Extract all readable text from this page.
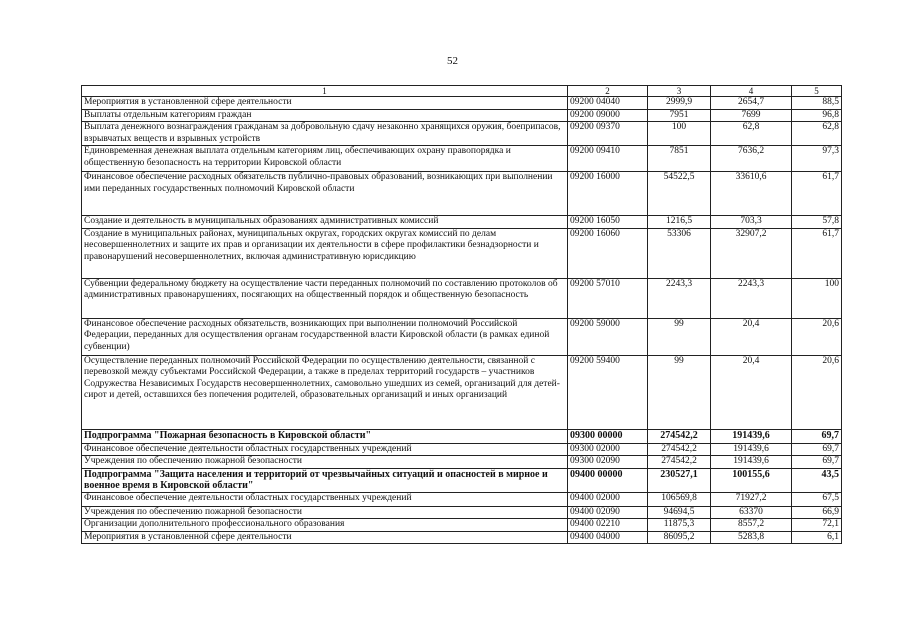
52
1	2	3	4	5
Мероприятия в установленной сфере деятельности	09200 04040	2999,9	2654,7	88,5
Выплаты отдельным категориям граждан	09200 09000	7951	7699	96,8
Выплата денежного вознаграждения гражданам за добровольную сдачу незаконно хранящихся оружия, боеприпасов, взрывчатых веществ и взрывных устройств	09200 09370	100	62,8	62,8
Единовременная денежная выплата отдельным категориям лиц, обеспечивающих охрану правопорядка и общественную безопасность на территории Кировской области	09200 09410	7851	7636,2	97,3
Финансовое обеспечение расходных обязательств публично-правовых образований, возникающих при выполнении ими переданных государственных полномочий Кировской области	09200 16000	54522,5	33610,6	61,7
Создание и деятельность в муниципальных образованиях административных комиссий	09200 16050	1216,5	703,3	57,8
Создание в муниципальных районах, муниципальных округах, городских округах комиссий по делам несовершеннолетних и защите их прав и организации их деятельности в сфере профилактики безнадзорности и правонарушений несовершеннолетних, включая административную юрисдикцию	09200 16060	53306	32907,2	61,7
Субвенции федеральному бюджету на осуществление части переданных полномочий по составлению протоколов об административных правонарушениях, посягающих на общественный порядок и общественную безопасность	09200 57010	2243,3	2243,3	100
Финансовое обеспечение расходных обязательств, возникающих при выполнении полномочий Российской Федерации, переданных для осуществления органам государственной власти Кировской области (в рамках единой субвенции)	09200 59000	99	20,4	20,6
Осуществление переданных полномочий Российской Федерации по осуществлению деятельности, связанной с перевозкой между субъектами Российской Федерации, а также в пределах территорий государств – участников Содружества Независимых Государств несовершеннолетних, самовольно ушедших из семей, организаций для детей-сирот и детей, оставшихся без попечения родителей, образовательных организаций и иных организаций	09200 59400	99	20,4	20,6
Подпрограмма "Пожарная безопасность в Кировской области"	09300 00000	274542,2	191439,6	69,7
Финансовое обеспечение деятельности областных государственных учреждений	09300 02000	274542,2	191439,6	69,7
Учреждения по обеспечению пожарной безопасности	09300 02090	274542,2	191439,6	69,7
Подпрограмма "Защита населения и территорий от чрезвычайных ситуаций и опасностей в мирное и военное время в Кировской области"	09400 00000	230527,1	100155,6	43,5
Финансовое обеспечение деятельности областных государственных учреждений	09400 02000	106569,8	71927,2	67,5
Учреждения по обеспечению пожарной безопасности	09400 02090	94694,5	63370	66,9
Организации дополнительного профессионального образования	09400 02210	11875,3	8557,2	72,1
Мероприятия в установленной сфере деятельности	09400 04000	86095,2	5283,8	6,1
